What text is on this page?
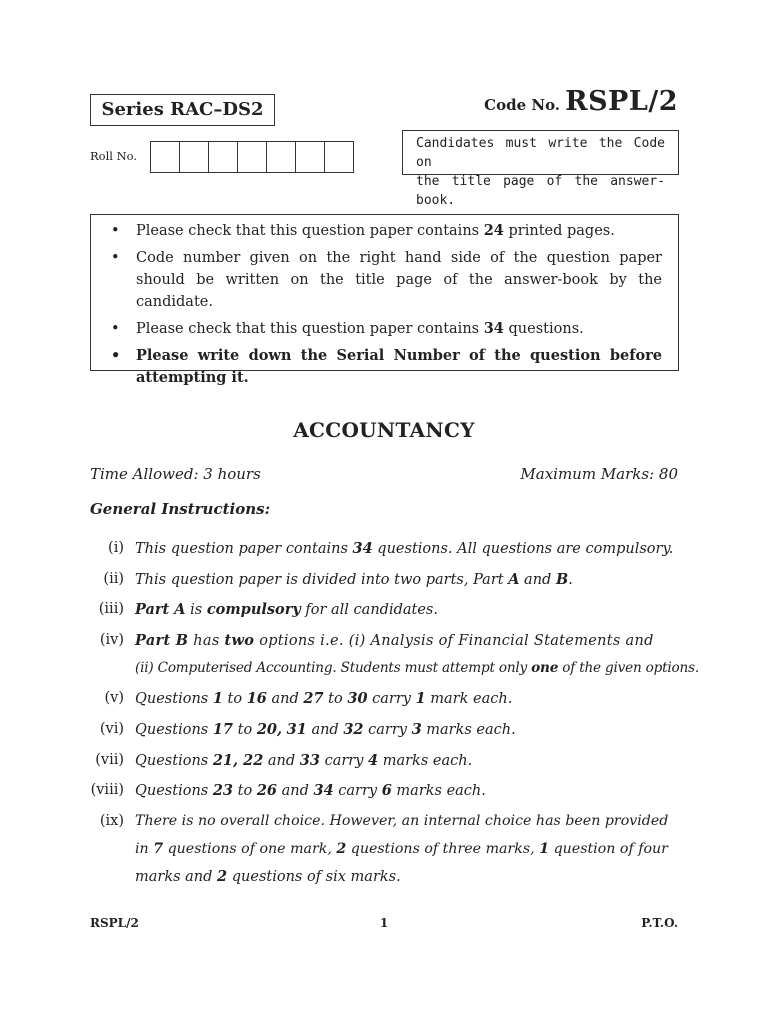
Series RAC–DS2	Code No. RSPL/2
Roll No.
Candidates must write the Code on
the title page of the answer-book.
• Please check that this question paper contains 24 printed pages.
• Code number given on the right hand side of the question paper should be written on the title page of the answer-book by the candidate.
• Please check that this question paper contains 34 questions.
• Please write down the Serial Number of the question before attempting it.
ACCOUNTANCY
Time Allowed: 3 hours	Maximum Marks: 80
General Instructions:
(i) This question paper contains 34 questions. All questions are compulsory.
(ii) This question paper is divided into two parts, Part A and B.
(iii) Part A is compulsory for all candidates.
(iv) Part B has two options i.e. (i) Analysis of Financial Statements and
(ii) Computerised Accounting. Students must attempt only one of the given options.
(v) Questions 1 to 16 and 27 to 30 carry 1 mark each.
(vi) Questions 17 to 20, 31 and 32 carry 3 marks each.
(vii) Questions 21, 22 and 33 carry 4 marks each.
(viii) Questions 23 to 26 and 34 carry 6 marks each.
(ix) There is no overall choice. However, an internal choice has been provided
in 7 questions of one mark, 2 questions of three marks, 1 question of four
marks and 2 questions of six marks.
RSPL/2	1	P.T.O.
